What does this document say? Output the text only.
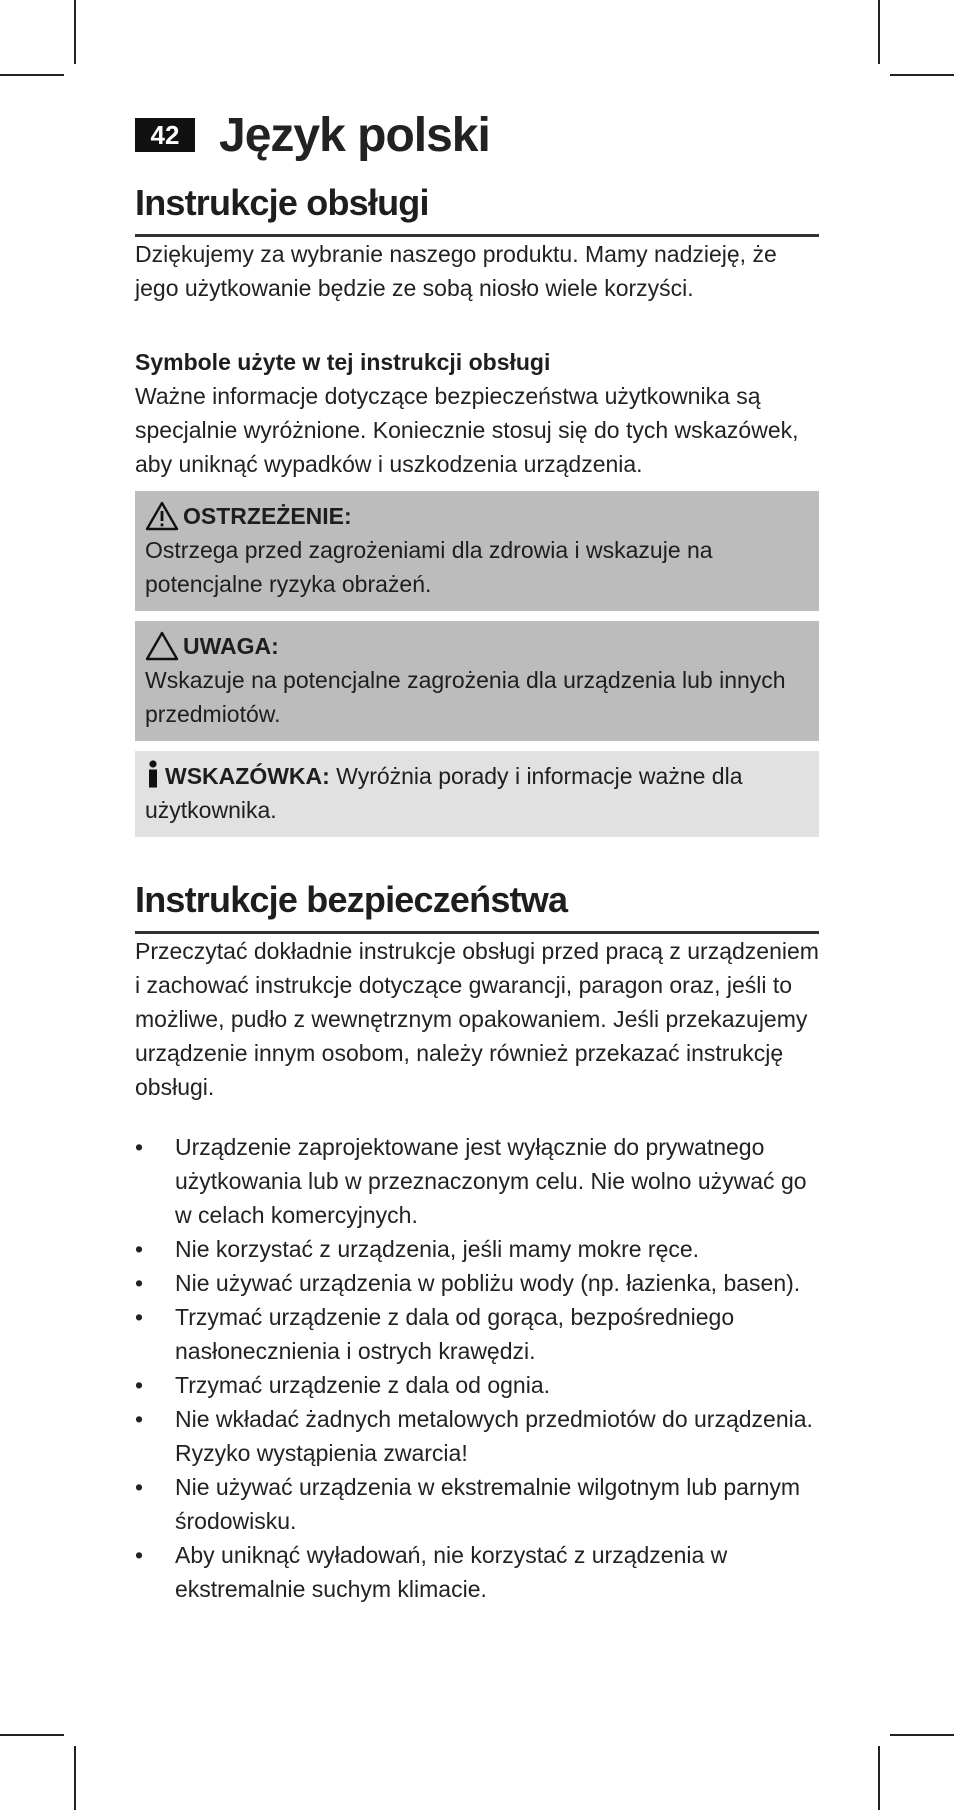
42 Język polski
Instrukcje obsługi

Dziękujemy za wybranie naszego produktu. Mamy nadzieję, że jego użytkowanie będzie ze sobą niosło wiele korzyści.

Symbole użyte w tej instrukcji obsługi

Ważne informacje dotyczące bezpieczeństwa użytkownika są specjalnie wyróżnione. Koniecznie stosuj się do tych wskazówek, aby uniknąć wypadków i uszkodzenia urządzenia.

OSTRZEŻENIE:
Ostrzega przed zagrożeniami dla zdrowia i wskazuje na potencjalne ryzyka obrażeń.
UWAGA:
Wskazuje na potencjalne zagrożenia dla urządzenia lub innych przedmiotów.
WSKAZÓWKA: Wyróżnia porady i informacje ważne dla użytkownika.
Instrukcje bezpieczeństwa

Przeczytać dokładnie instrukcje obsługi przed pracą z urządzeniem i zachować instrukcje dotyczące gwarancji, paragon oraz, jeśli to możliwe, pudło z wewnętrznym opakowaniem. Jeśli przekazujemy urządzenie innym osobom, należy również przekazać instrukcję obsługi.

• Urządzenie zaprojektowane jest wyłącznie do prywatnego użytkowania lub w przeznaczonym celu. Nie wolno używać go w celach komercyjnych.
• Nie korzystać z urządzenia, jeśli mamy mokre ręce.
• Nie używać urządzenia w pobliżu wody (np. łazienka, basen).
• Trzymać urządzenie z dala od gorąca, bezpośredniego nasłonecznienia i ostrych krawędzi.
• Trzymać urządzenie z dala od ognia.
• Nie wkładać żadnych metalowych przedmiotów do urządzenia. Ryzyko wystąpienia zwarcia!
• Nie używać urządzenia w ekstremalnie wilgotnym lub parnym środowisku.
• Aby uniknąć wyładowań, nie korzystać z urządzenia w ekstremalnie suchym klimacie.
